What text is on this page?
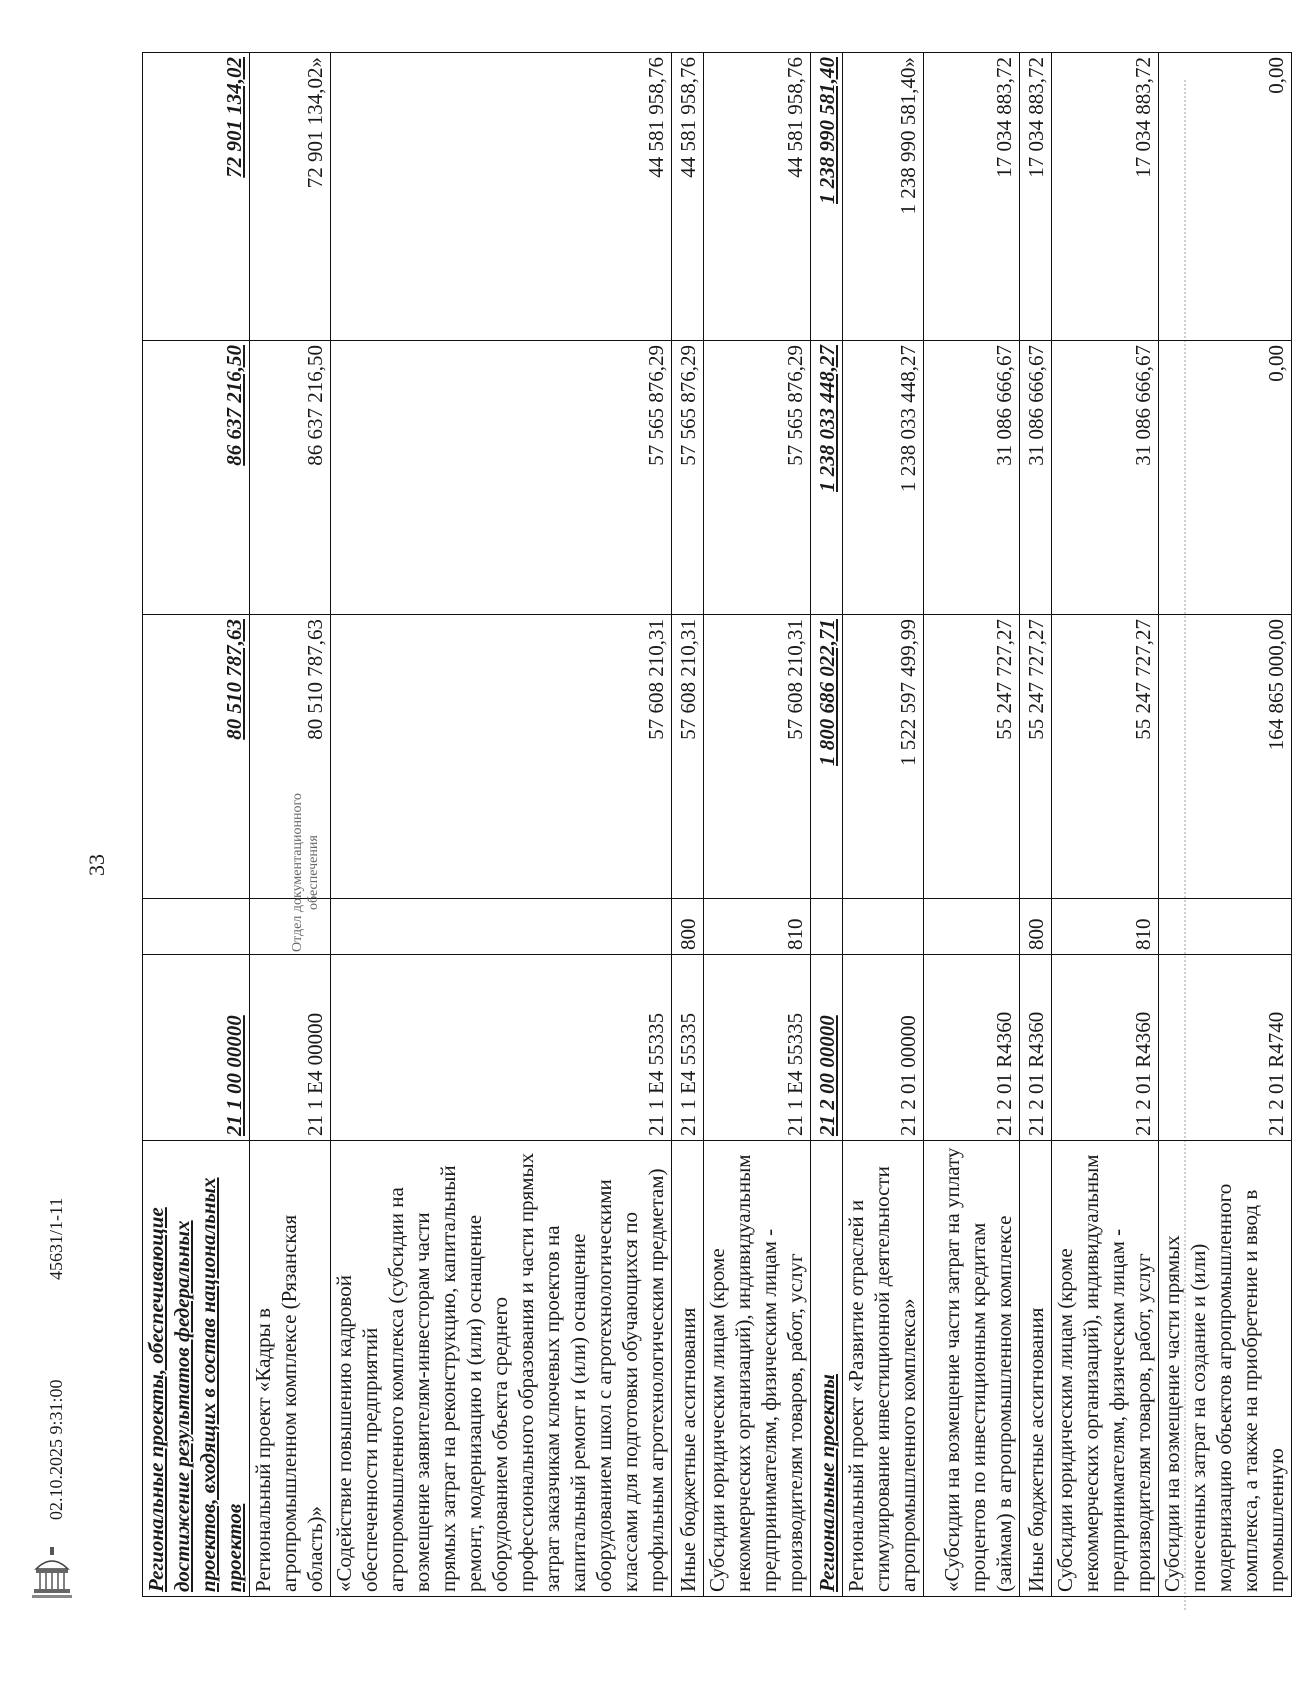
Региональные проекты, обеспечивающие достижение результатов федеральных проектов, входящих в состав национальных проектов	21 1 00 00000		80 510 787,63	86 637 216,50	72 901 134,02
Региональный проект «Кадры в агропромышленном комплексе (Рязанская область)»	21 1 Е4 00000		80 510 787,63	86 637 216,50	72 901 134,02»
«Содействие повышению кадровой обеспеченности предприятий агропромышленного комплекса (субсидии на возмещение заявителям-инвесторам части прямых затрат на реконструкцию, капитальный ремонт, модернизацию и (или) оснащение оборудованием объекта среднего профессионального образования и части прямых затрат заказчикам ключевых проектов на капитальный ремонт и (или) оснащение оборудованием школ с агротехнологическими классами для подготовки обучающихся по профильным агротехнологическим предметам)	21 1 Е4 55335		57 608 210,31	57 565 876,29	44 581 958,76
Иные бюджетные ассигнования	21 1 Е4 55335	800	57 608 210,31	57 565 876,29	44 581 958,76
Субсидии юридическим лицам (кроме некоммерческих организаций), индивидуальным предпринимателям, физическим лицам - производителям товаров, работ, услуг	21 1 Е4 55335	810	57 608 210,31	57 565 876,29	44 581 958,76
Региональные проекты	21 2 00 00000		1 800 686 022,71	1 238 033 448,27	1 238 990 581,40
Региональный проект «Развитие отраслей и стимулирование инвестиционной деятельности агропромышленного комплекса»	21 2 01 00000		1 522 597 499,99	1 238 033 448,27	1 238 990 581,40»
«Субсидии на возмещение части затрат на уплату процентов по инвестиционным кредитам (займам) в агропромышленном комплексе	21 2 01 R4360		55 247 727,27	31 086 666,67	17 034 883,72
Иные бюджетные ассигнования	21 2 01 R4360	800	55 247 727,27	31 086 666,67	17 034 883,72
Субсидии юридическим лицам (кроме некоммерческих организаций), индивидуальным предпринимателям, физическим лицам - производителям товаров, работ, услуг	21 2 01 R4360	810	55 247 727,27	31 086 666,67	17 034 883,72
Субсидии на возмещение части прямых понесенных затрат на создание и (или) модернизацию объектов агропромышленного комплекса, а также на приобретение и ввод в промышленную	21 2 01 R4740		164 865 000,00	0,00	0,00
33
02.10.2025 9:31:00
45631/1-11
Отдел документационного обеспечения
